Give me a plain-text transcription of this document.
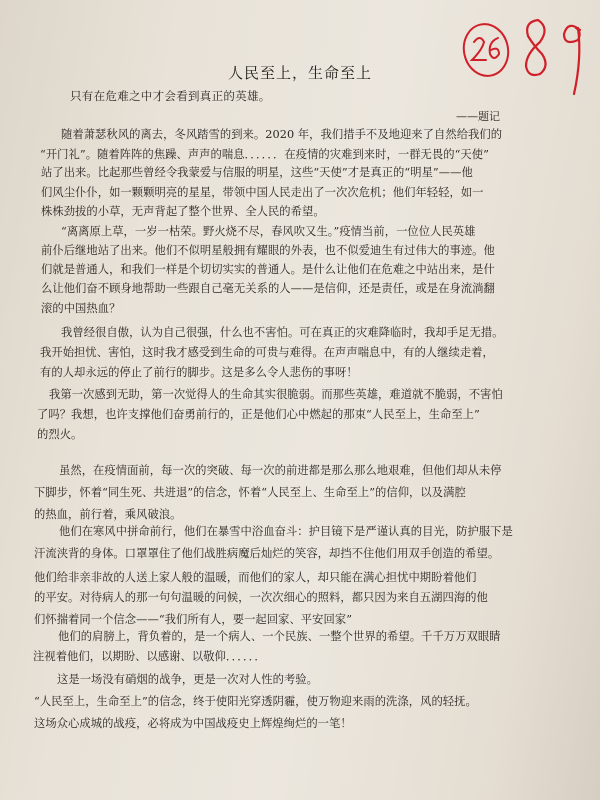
人民至上，生命至上
只有在危难之中才会看到真正的英雄。
——题记
随着萧瑟秋风的离去，冬风踏雪的到来。2020 年，我们措手不及地迎来了自然给我们的
“开门礼”。随着阵阵的焦躁、声声的喘息．．．．．．在疫情的灾难到来时，一群无畏的“天使”
站了出来。比起那些曾经令我蒙爱与信服的明星，这些“天使”才是真正的“明星”——他
们风尘仆仆，如一颗颗明亮的星星，带领中国人民走出了一次次危机；他们年轻轻，如一
株株劲拔的小草，无声背起了整个世界、全人民的希望。
“离离原上草，一岁一枯荣。野火烧不尽，春风吹又生。”疫情当前，一位位人民英雄
前仆后继地站了出来。他们不似明星般拥有耀眼的外表，也不似爱迪生有过伟大的事迹。他
们就是普通人，和我们一样是个切切实实的普通人。是什么让他们在危难之中站出来，是什
么让他们奋不顾身地帮助一些跟自己毫无关系的人——是信仰，还是责任，或是在身流淌翻
滚的中国热血？
我曾经很自傲，认为自己很强，什么也不害怕。可在真正的灾难降临时，我却手足无措。
我开始担忧、害怕，这时我才感受到生命的可贵与难得。在声声喘息中，有的人继续走着，
有的人却永远的停止了前行的脚步。这是多么令人悲伤的事呀！
我第一次感到无助，第一次觉得人的生命其实很脆弱。而那些英雄，难道就不脆弱，不害怕
了吗？我想，也许支撑他们奋勇前行的，正是他们心中燃起的那束“人民至上，生命至上”
的烈火。
虽然，在疫情面前，每一次的突破、每一次的前进都是那么那么地艰难，但他们却从未停
下脚步，怀着“同生死、共进退”的信念，怀着“人民至上、生命至上”的信仰，以及满腔
的热血，前行着，乘风破浪。
他们在寒风中拼命前行，他们在暴雪中浴血奋斗：护目镜下是严谨认真的目光，防护服下是
汗流浃背的身体。口罩罩住了他们战胜病魔后灿烂的笑容，却挡不住他们用双手创造的希望。
他们给非亲非故的人送上家人般的温暖，而他们的家人，却只能在满心担忧中期盼着他们
的平安。对待病人的那一句句温暖的问候，一次次细心的照料，都只因为来自五湖四海的他
们怀揣着同一个信念——“我们所有人，要一起回家、平安回家”
他们的肩膀上，背负着的，是一个病人、一个民族、一整个世界的希望。千千万万双眼睛
注视着他们，以期盼、以感谢、以敬仰．．．．．．
这是一场没有硝烟的战争，更是一次对人性的考验。
“人民至上，生命至上”的信念，终于使阳光穿透阴霾，使万物迎来雨的洗涤，风的轻抚。
这场众心成城的战疫，必将成为中国战疫史上辉煌绚烂的一笔！
